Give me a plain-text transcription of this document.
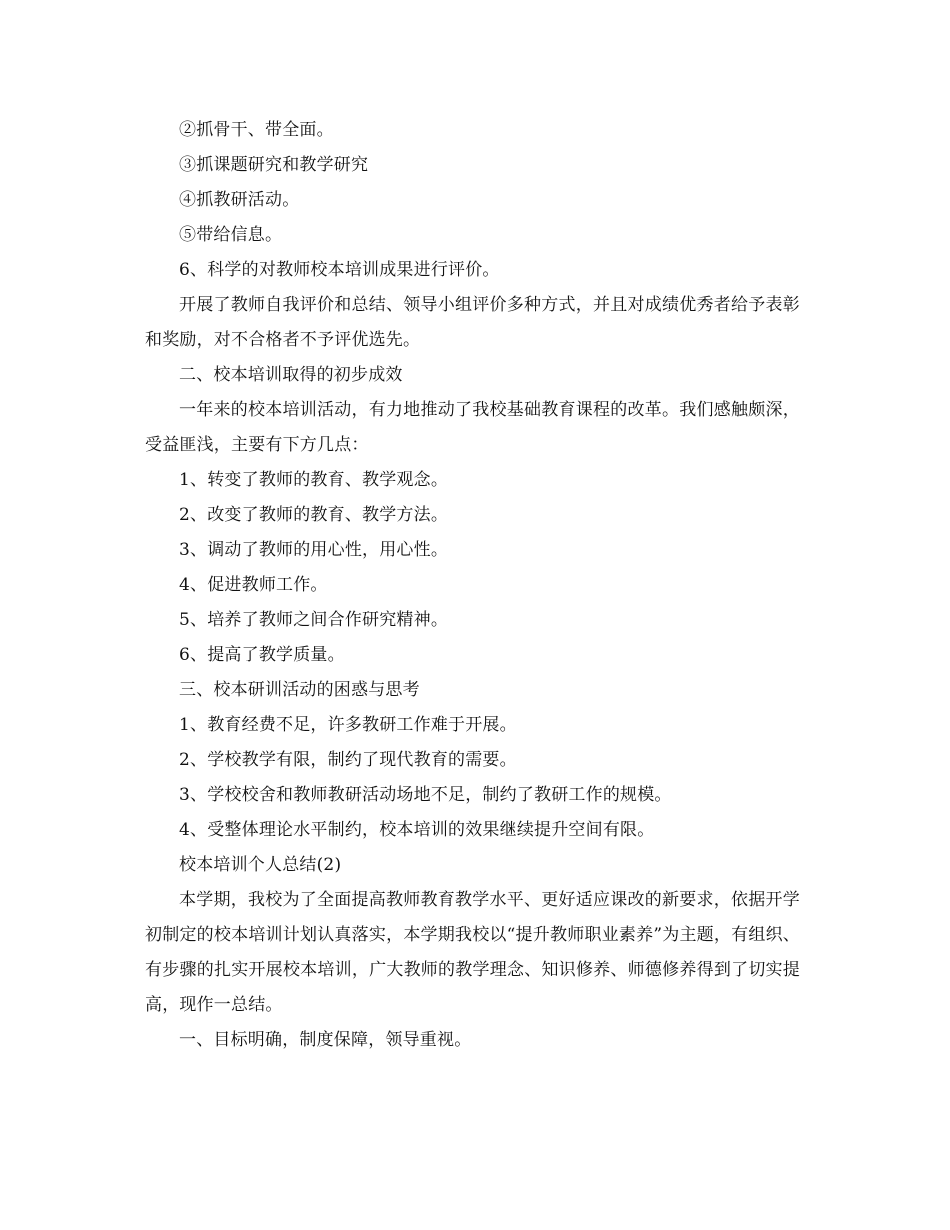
②抓骨干、带全面。

③抓课题研究和教学研究

④抓教研活动。

⑤带给信息。

6、科学的对教师校本培训成果进行评价。

开展了教师自我评价和总结、领导小组评价多种方式，并且对成绩优秀者给予表彰和奖励，对不合格者不予评优选先。

二、校本培训取得的初步成效

一年来的校本培训活动，有力地推动了我校基础教育课程的改革。我们感触颇深，受益匪浅，主要有下方几点：

1、转变了教师的教育、教学观念。

2、改变了教师的教育、教学方法。

3、调动了教师的用心性，用心性。

4、促进教师工作。

5、培养了教师之间合作研究精神。

6、提高了教学质量。

三、校本研训活动的困惑与思考

1、教育经费不足，许多教研工作难于开展。

2、学校教学有限，制约了现代教育的需要。

3、学校校舍和教师教研活动场地不足，制约了教研工作的规模。

4、受整体理论水平制约，校本培训的效果继续提升空间有限。

校本培训个人总结(2)

本学期，我校为了全面提高教师教育教学水平、更好适应课改的新要求，依据开学初制定的校本培训计划认真落实，本学期我校以“提升教师职业素养”为主题，有组织、有步骤的扎实开展校本培训，广大教师的教学理念、知识修养、师德修养得到了切实提高，现作一总结。

一、目标明确，制度保障，领导重视。
